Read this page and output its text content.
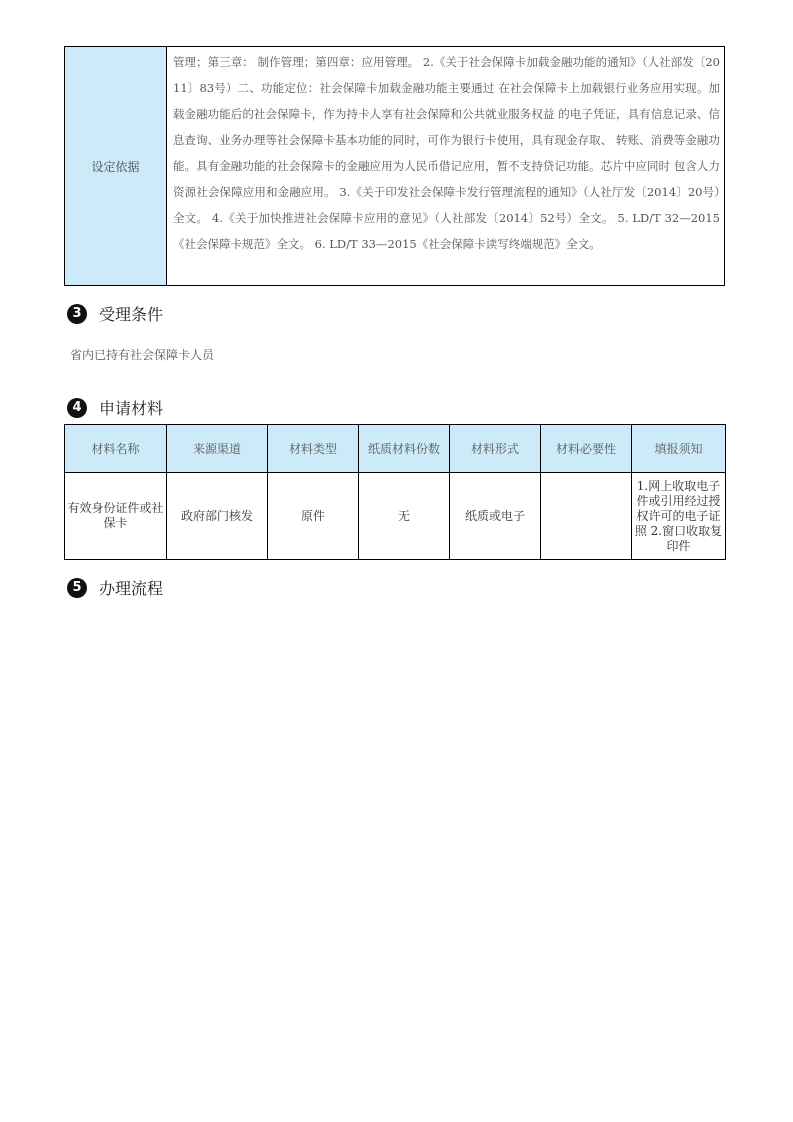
设定依据	管理；第三章： 制作管理；第四章：应用管理。 2.《关于社会保障卡加载金融功能的通知》（人社部发〔2011〕83号）二、功能定位：社会保障卡加载金融功能主要通过 在社会保障卡上加载银行业务应用实现。加载金融功能后的社会保障卡，作为持卡人享有社会保障和公共就业服务权益 的电子凭证，具有信息记录、信息查询、业务办理等社会保障卡基本功能的同时，可作为银行卡使用，具有现金存取、 转账、消费等金融功能。具有金融功能的社会保障卡的金融应用为人民币借记应用，暂不支持贷记功能。芯片中应同时 包含人力资源社会保障应用和金融应用。 3.《关于印发社会保障卡发行管理流程的通知》（人社厅发〔2014〕20号）全文。 4.《关于加快推进社会保障卡应用的意见》（人社部发〔2014〕52号）全文。 5. LD/T 32—2015《社会保障卡规范》全文。 6. LD/T 33—2015《社会保障卡读写终端规范》全文。
3	受理条件
省内已持有社会保障卡人员
4	申请材料
材料名称	来源渠道	材料类型	纸质材料份数	材料形式	材料必要性	填报须知
有效身份证件或社保卡	政府部门核发	原件	无	纸质或电子		1.网上收取电子件或引用经过授权许可的电子证照 2.窗口收取复印件
5	办理流程
